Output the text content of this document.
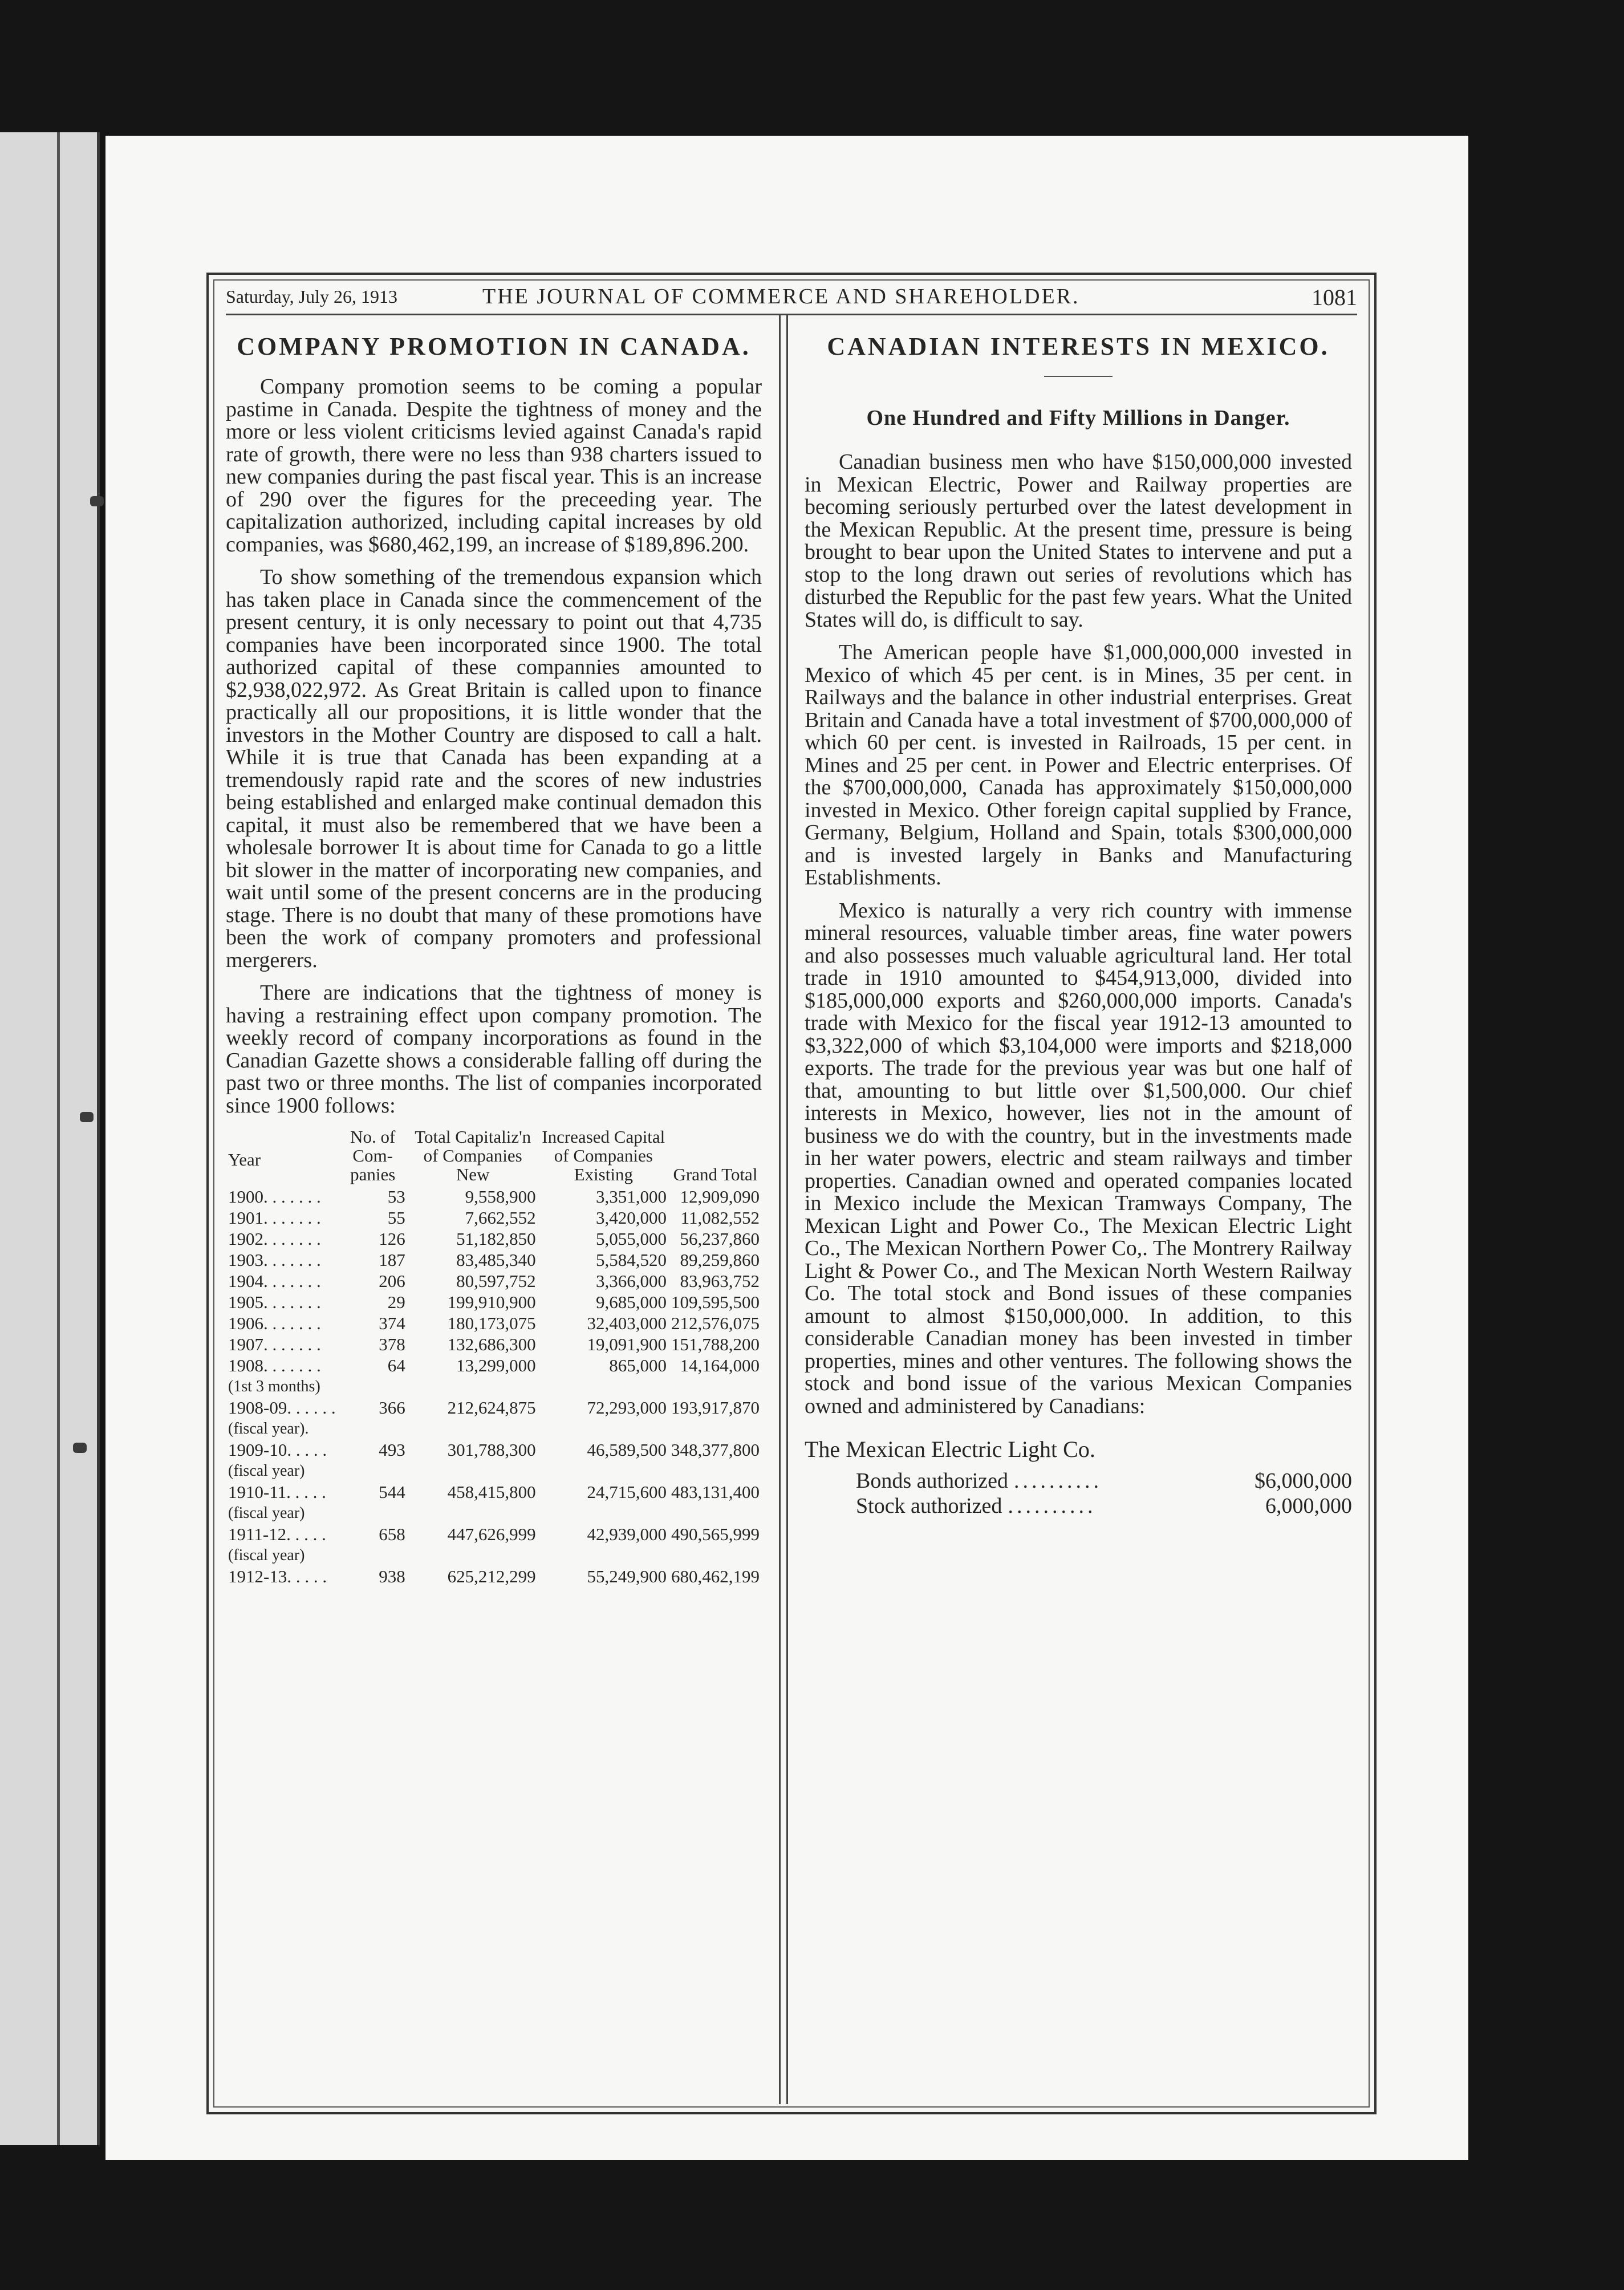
Saturday, July 26, 1913	THE JOURNAL OF COMMERCE AND SHAREHOLDER.	1081
COMPANY PROMOTION IN CANADA.

Company promotion seems to be coming a popular pastime in Canada. Despite the tightness of money and the more or less violent criticisms levied against Canada's rapid rate of growth, there were no less than 938 charters issued to new companies during the past fiscal year. This is an increase of 290 over the figures for the preceeding year. The capitalization authorized, including capital increases by old companies, was $680,462,199, an increase of $189,896.200.

To show something of the tremendous expansion which has taken place in Canada since the commencement of the present century, it is only necessary to point out that 4,735 companies have been incorporated since 1900. The total authorized capital of these compannies amounted to $2,938,022,972. As Great Britain is called upon to finance practically all our propositions, it is little wonder that the investors in the Mother Country are disposed to call a halt. While it is true that Canada has been expanding at a tremendously rapid rate and the scores of new industries being established and enlarged make continual demadon this capital, it must also be remembered that we have been a wholesale borrower It is about time for Canada to go a little bit slower in the matter of incorporating new companies, and wait until some of the present concerns are in the producing stage. There is no doubt that many of these promotions have been the work of company promoters and professional mergerers.

There are indications that the tightness of money is having a restraining effect upon company promotion. The weekly record of company incorporations as found in the Canadian Gazette shows a considerable falling off during the past two or three months. The list of companies incorporated since 1900 follows:

Year	No. of Com-panies	Total Capitaliz'n of Companies New	Increased Capital of Companies Existing	Grand Total
1900. . . . . . .	53	9,558,900	3,351,000	12,909,090
1901. . . . . . .	55	7,662,552	3,420,000	11,082,552
1902. . . . . . .	126	51,182,850	5,055,000	56,237,860
1903. . . . . . .	187	83,485,340	5,584,520	89,259,860
1904. . . . . . .	206	80,597,752	3,366,000	83,963,752
1905. . . . . . .	29	199,910,900	9,685,000	109,595,500
1906. . . . . . .	374	180,173,075	32,403,000	212,576,075
1907. . . . . . .	378	132,686,300	19,091,900	151,788,200
1908. . . . . . .	64	13,299,000	865,000	14,164,000
(1st 3 months)				
1908-09. . . . . .	366	212,624,875	72,293,000	193,917,870
(fiscal year).				
1909-10. . . . .	493	301,788,300	46,589,500	348,377,800
(fiscal year)				
1910-11. . . . .	544	458,415,800	24,715,600	483,131,400
(fiscal year)				
1911-12. . . . .	658	447,626,999	42,939,000	490,565,999
(fiscal year)				
1912-13. . . . .	938	625,212,299	55,249,900	680,462,199
CANADIAN INTERESTS IN MEXICO.
One Hundred and Fifty Millions in Danger.

Canadian business men who have $150,000,000 invested in Mexican Electric, Power and Railway properties are becoming seriously perturbed over the latest development in the Mexican Republic. At the present time, pressure is being brought to bear upon the United States to intervene and put a stop to the long drawn out series of revolutions which has disturbed the Republic for the past few years. What the United States will do, is difficult to say.

The American people have $1,000,000,000 invested in Mexico of which 45 per cent. is in Mines, 35 per cent. in Railways and the balance in other industrial enterprises. Great Britain and Canada have a total investment of $700,000,000 of which 60 per cent. is invested in Railroads, 15 per cent. in Mines and 25 per cent. in Power and Electric enterprises. Of the $700,000,000, Canada has approximately $150,000,000 invested in Mexico. Other foreign capital supplied by France, Germany, Belgium, Holland and Spain, totals $300,000,000 and is invested largely in Banks and Manufacturing Establishments.

Mexico is naturally a very rich country with immense mineral resources, valuable timber areas, fine water powers and also possesses much valuable agricultural land. Her total trade in 1910 amounted to $454,913,000, divided into $185,000,000 exports and $260,000,000 imports. Canada's trade with Mexico for the fiscal year 1912-13 amounted to $3,322,000 of which $3,104,000 were imports and $218,000 exports. The trade for the previous year was but one half of that, amounting to but little over $1,500,000. Our chief interests in Mexico, however, lies not in the amount of business we do with the country, but in the investments made in her water powers, electric and steam railways and timber properties. Canadian owned and operated companies located in Mexico include the Mexican Tramways Company, The Mexican Light and Power Co., The Mexican Electric Light Co., The Mexican Northern Power Co,. The Montrery Railway Light & Power Co., and The Mexican North Western Railway Co. The total stock and Bond issues of these companies amount to almost $150,000,000. In addition, to this considerable Canadian money has been invested in timber properties, mines and other ventures. The following shows the stock and bond issue of the various Mexican Companies owned and administered by Canadians:

The Mexican Electric Light Co.
Bonds authorized ..........	$6,000,000
Stock authorized ..........	6,000,000
